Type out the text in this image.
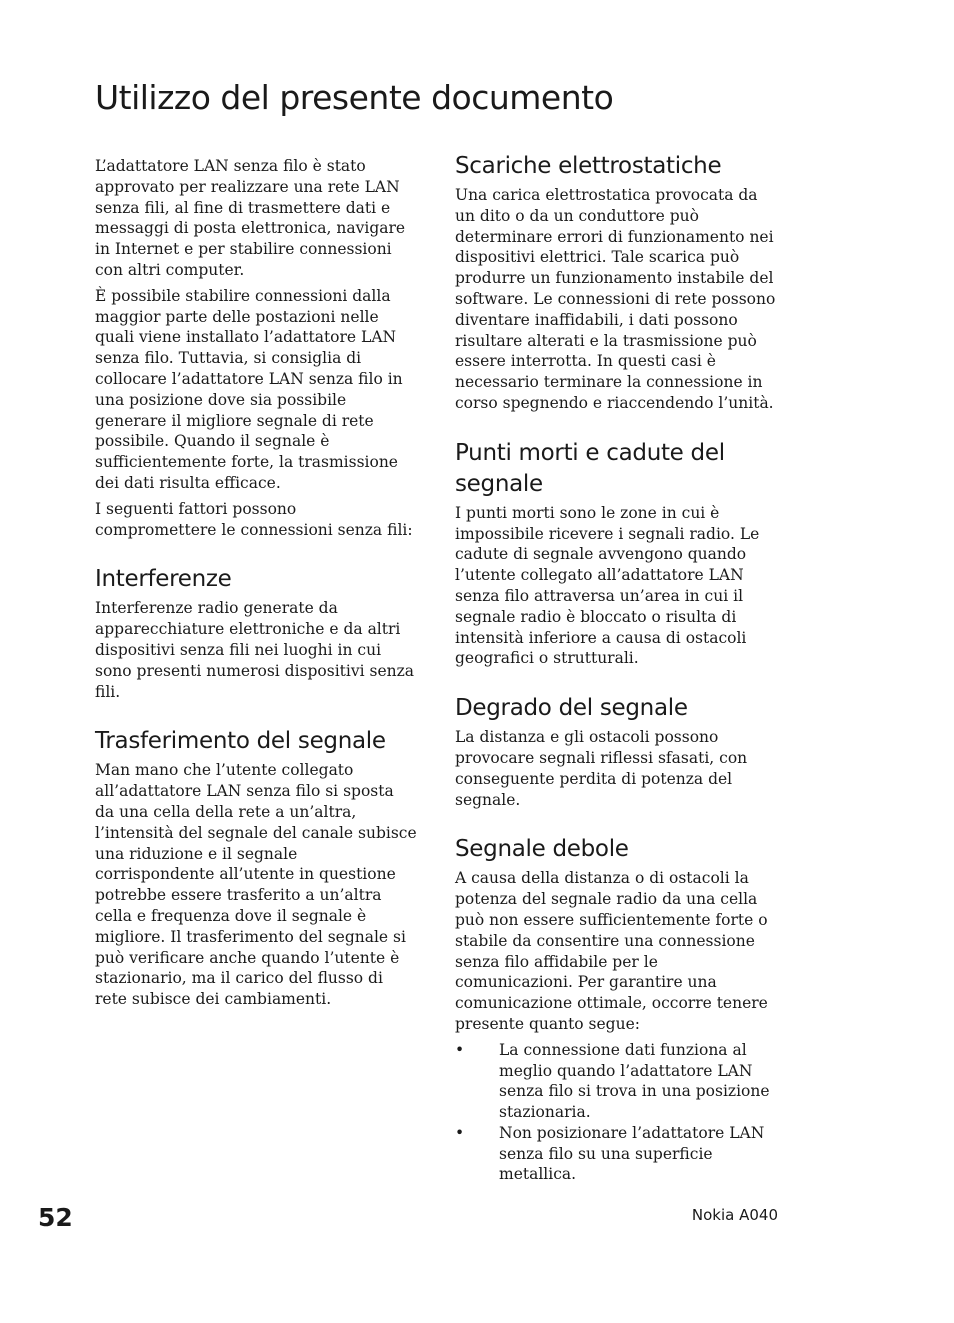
Utilizzo del presente documento

L’adattatore LAN senza filo è stato approvato per realizzare una rete LAN senza fili, al fine di trasmettere dati e messaggi di posta elettronica, navigare in Internet e per stabilire connessioni con altri computer.

È possibile stabilire connessioni dalla maggior parte delle postazioni nelle quali viene installato l’adattatore LAN senza filo. Tuttavia, si consiglia di collocare l’adattatore LAN senza filo in una posizione dove sia possibile generare il migliore segnale di rete possibile. Quando il segnale è sufficientemente forte, la trasmissione dei dati risulta efficace.

I seguenti fattori possono compromettere le connessioni senza fili:

Interferenze

Interferenze radio generate da apparecchiature elettroniche e da altri dispositivi senza fili nei luoghi in cui sono presenti numerosi dispositivi senza fili.

Trasferimento del segnale

Man mano che l’utente collegato all’adattatore LAN senza filo si sposta da una cella della rete a un’altra, l’intensità del segnale del canale subisce una riduzione e il segnale corrispondente all’utente in questione potrebbe essere trasferito a un’altra cella e frequenza dove il segnale è migliore. Il trasferimento del segnale si può verificare anche quando l’utente è stazionario, ma il carico del flusso di rete subisce dei cambiamenti.

Scariche elettrostatiche

Una carica elettrostatica provocata da un dito o da un conduttore può determinare errori di funzionamento nei dispositivi elettrici. Tale scarica può produrre un funzionamento instabile del software. Le connessioni di rete possono diventare inaffidabili, i dati possono risultare alterati e la trasmissione può essere interrotta. In questi casi è necessario terminare la connessione in corso spegnendo e riaccendendo l’unità.

Punti morti e cadute del segnale

I punti morti sono le zone in cui è impossibile ricevere i segnali radio. Le cadute di segnale avvengono quando l’utente collegato all’adattatore LAN senza filo attraversa un’area in cui il segnale radio è bloccato o risulta di intensità inferiore a causa di ostacoli geografici o strutturali.

Degrado del segnale

La distanza e gli ostacoli possono provocare segnali riflessi sfasati, con conseguente perdita di potenza del segnale.

Segnale debole

A causa della distanza o di ostacoli la potenza del segnale radio da una cella può non essere sufficientemente forte o stabile da consentire una connessione senza filo affidabile per le comunicazioni. Per garantire una comunicazione ottimale, occorre tenere presente quanto segue:

• La connessione dati funziona al meglio quando l’adattatore LAN senza filo si trova in una posizione stazionaria.
• Non posizionare l’adattatore LAN senza filo su una superficie metallica.
52	Nokia A040
